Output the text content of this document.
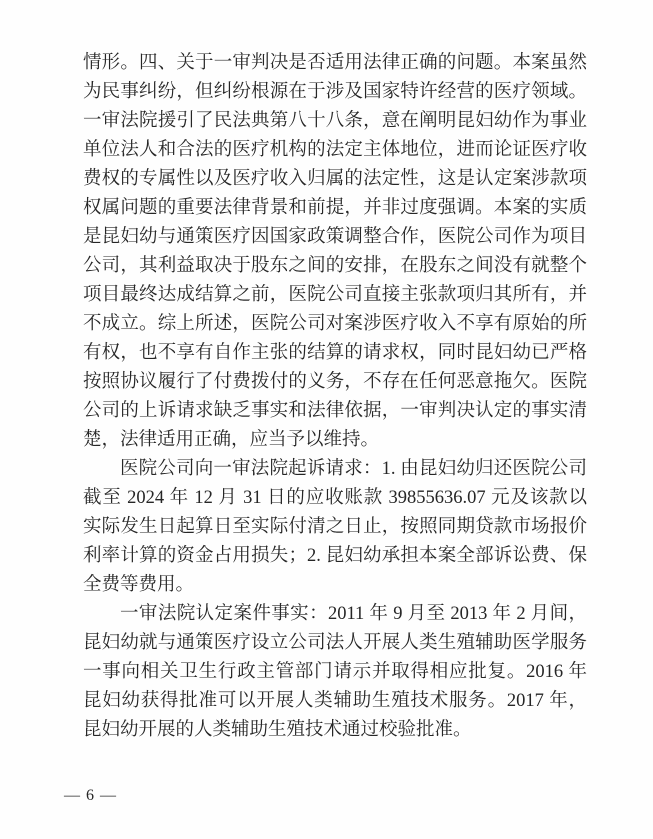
情形。四、关于一审判决是否适用法律正确的问题。本案虽然为民事纠纷，但纠纷根源在于涉及国家特许经营的医疗领域。一审法院援引了民法典第八十八条，意在阐明昆妇幼作为事业单位法人和合法的医疗机构的法定主体地位，进而论证医疗收费权的专属性以及医疗收入归属的法定性，这是认定案涉款项权属问题的重要法律背景和前提，并非过度强调。本案的实质是昆妇幼与通策医疗因国家政策调整合作，医院公司作为项目公司，其利益取决于股东之间的安排，在股东之间没有就整个项目最终达成结算之前，医院公司直接主张款项归其所有，并不成立。综上所述，医院公司对案涉医疗收入不享有原始的所有权，也不享有自作主张的结算的请求权，同时昆妇幼已严格按照协议履行了付费拨付的义务，不存在任何恶意拖欠。医院公司的上诉请求缺乏事实和法律依据，一审判决认定的事实清楚，法律适用正确，应当予以维持。

医院公司向一审法院起诉请求：1. 由昆妇幼归还医院公司截至 2024 年 12 月 31 日的应收账款 39855636.07 元及该款以实际发生日起算日至实际付清之日止，按照同期贷款市场报价利率计算的资金占用损失；2. 昆妇幼承担本案全部诉讼费、保全费等费用。

一审法院认定案件事实：2011 年 9 月至 2013 年 2 月间，昆妇幼就与通策医疗设立公司法人开展人类生殖辅助医学服务一事向相关卫生行政主管部门请示并取得相应批复。2016 年昆妇幼获得批准可以开展人类辅助生殖技术服务。2017 年，昆妇幼开展的人类辅助生殖技术通过校验批准。

— 6 —
